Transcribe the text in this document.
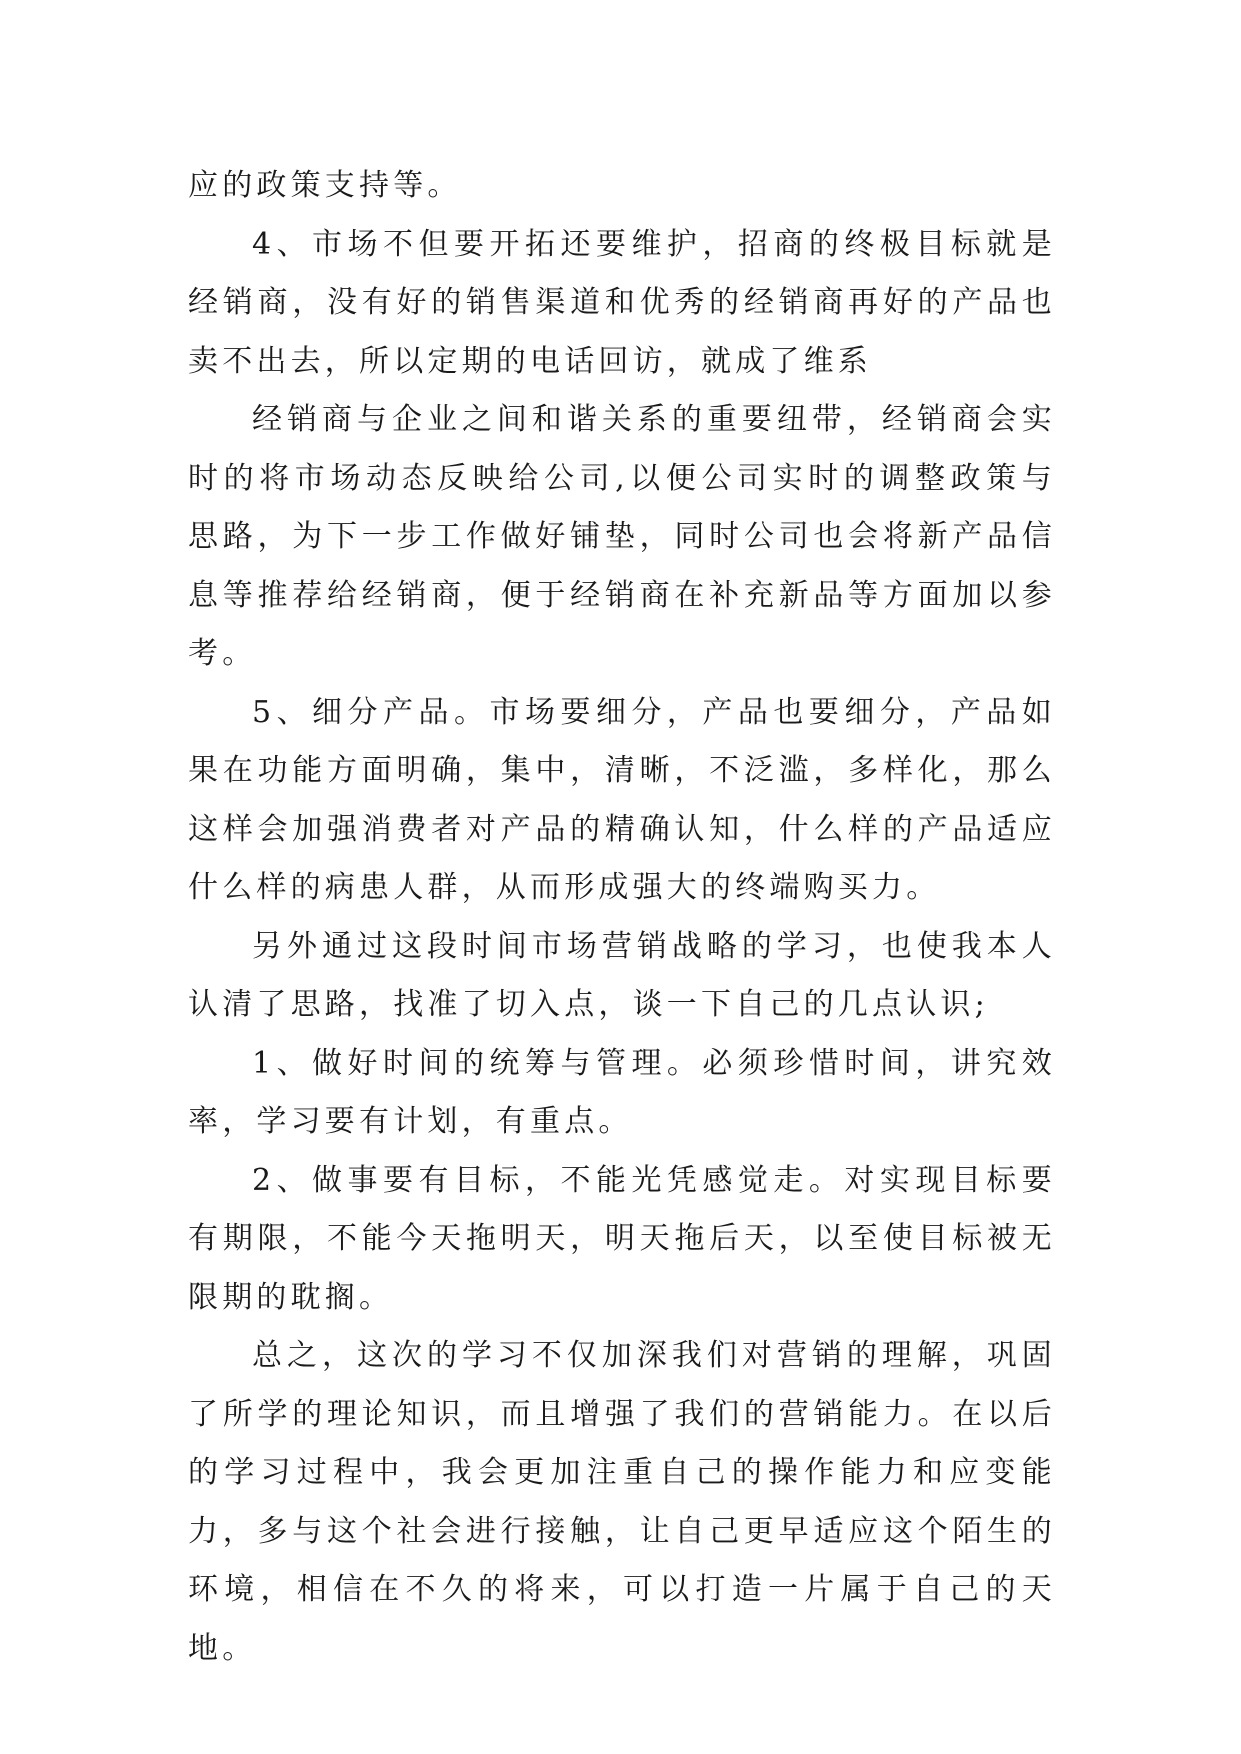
应的政策支持等。

4、市场不但要开拓还要维护，招商的终极目标就是经销商，没有好的销售渠道和优秀的经销商再好的产品也卖不出去，所以定期的电话回访，就成了维系

经销商与企业之间和谐关系的重要纽带，经销商会实时的将市场动态反映给公司,以便公司实时的调整政策与思路，为下一步工作做好铺垫，同时公司也会将新产品信息等推荐给经销商，便于经销商在补充新品等方面加以参考。

5、细分产品。市场要细分，产品也要细分，产品如果在功能方面明确，集中，清晰，不泛滥，多样化，那么这样会加强消费者对产品的精确认知，什么样的产品适应什么样的病患人群，从而形成强大的终端购买力。

另外通过这段时间市场营销战略的学习，也使我本人认清了思路，找准了切入点，谈一下自己的几点认识;

1、做好时间的统筹与管理。必须珍惜时间，讲究效率，学习要有计划，有重点。

2、做事要有目标，不能光凭感觉走。对实现目标要有期限，不能今天拖明天，明天拖后天，以至使目标被无限期的耽搁。

总之，这次的学习不仅加深我们对营销的理解，巩固了所学的理论知识，而且增强了我们的营销能力。在以后的学习过程中，我会更加注重自己的操作能力和应变能力，多与这个社会进行接触，让自己更早适应这个陌生的环境，相信在不久的将来，可以打造一片属于自己的天地。
